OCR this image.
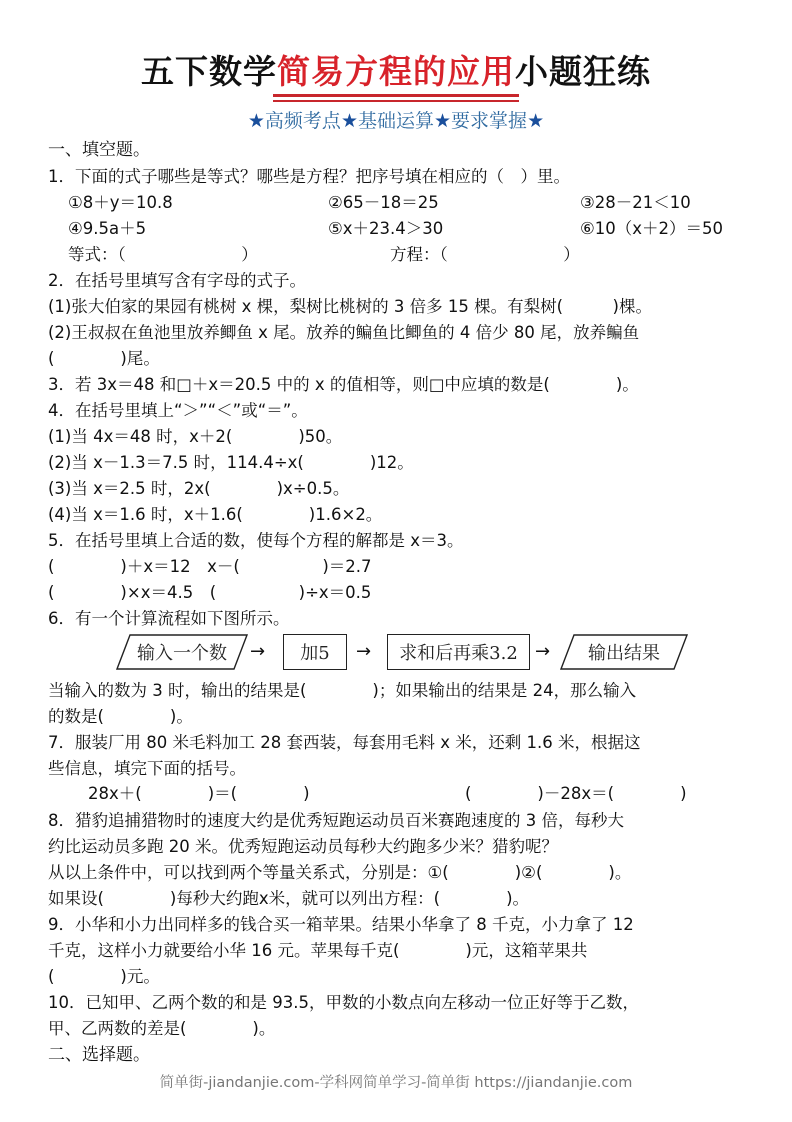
五下数学简易方程的应用小题狂练
★高频考点★基础运算★要求掌握★
一、填空题。
1．下面的式子哪些是等式？哪些是方程？把序号填在相应的（　）里。
①8＋y＝10.8	②65－18＝25	③28－21＜10
④9.5a＋5	⑤x＋23.4＞30	⑥10（x＋2）＝50
等式：（　　　　　　　）	方程：（　　　　　　　）
2．在括号里填写含有字母的式子。
(1)张大伯家的果园有桃树 x 棵，梨树比桃树的 3 倍多 15 棵。有梨树(　　　)棵。
(2)王叔叔在鱼池里放养鲫鱼 x 尾。放养的鳊鱼比鲫鱼的 4 倍少 80 尾，放养鳊鱼
(　　　　)尾。
3．若 3x＝48 和□＋x＝20.5 中的 x 的值相等，则□中应填的数是(　　　　)。
4．在括号里填上“＞”“＜”或“＝”。
(1)当 4x＝48 时，x＋2(　　　　)50。
(2)当 x－1.3＝7.5 时，114.4÷x(　　　　)12。
(3)当 x＝2.5 时，2x(　　　　)x÷0.5。
(4)当 x＝1.6 时，x＋1.6(　　　　)1.6×2。
5．在括号里填上合适的数，使每个方程的解都是 x＝3。
(　　　　)＋x＝12　x－(　　　　　)＝2.7
(　　　　)×x＝4.5　(　　　　　)÷x＝0.5
6．有一个计算流程如下图所示。
输入一个数	→	加5	→	求和后再乘3.2 →	输出结果
当输入的数为 3 时，输出的结果是(　　　　)；如果输出的结果是 24，那么输入
的数是(　　　　)。
7．服装厂用 80 米毛料加工 28 套西装，每套用毛料 x 米，还剩 1.6 米，根据这
些信息，填完下面的括号。
28x＋(　　　　)＝(　　　　)	(　　　　)－28x＝(　　　　)
8．猎豹追捕猎物时的速度大约是优秀短跑运动员百米赛跑速度的 3 倍，每秒大
约比运动员多跑 20 米。优秀短跑运动员每秒大约跑多少米？猎豹呢？
从以上条件中，可以找到两个等量关系式，分别是：①(　　　　)②(　　　　)。
如果设(　　　　)每秒大约跑x米，就可以列出方程：(　　　　)。
9．小华和小力出同样多的钱合买一箱苹果。结果小华拿了 8 千克，小力拿了 12
千克，这样小力就要给小华 16 元。苹果每千克(　　　　)元，这箱苹果共
(　　　　)元。
10．已知甲、乙两个数的和是 93.5，甲数的小数点向左移动一位正好等于乙数，
甲、乙两数的差是(　　　　)。
二、选择题。
简单街-jiandanjie.com-学科网简单学习-简单街 https://jiandanjie.com
